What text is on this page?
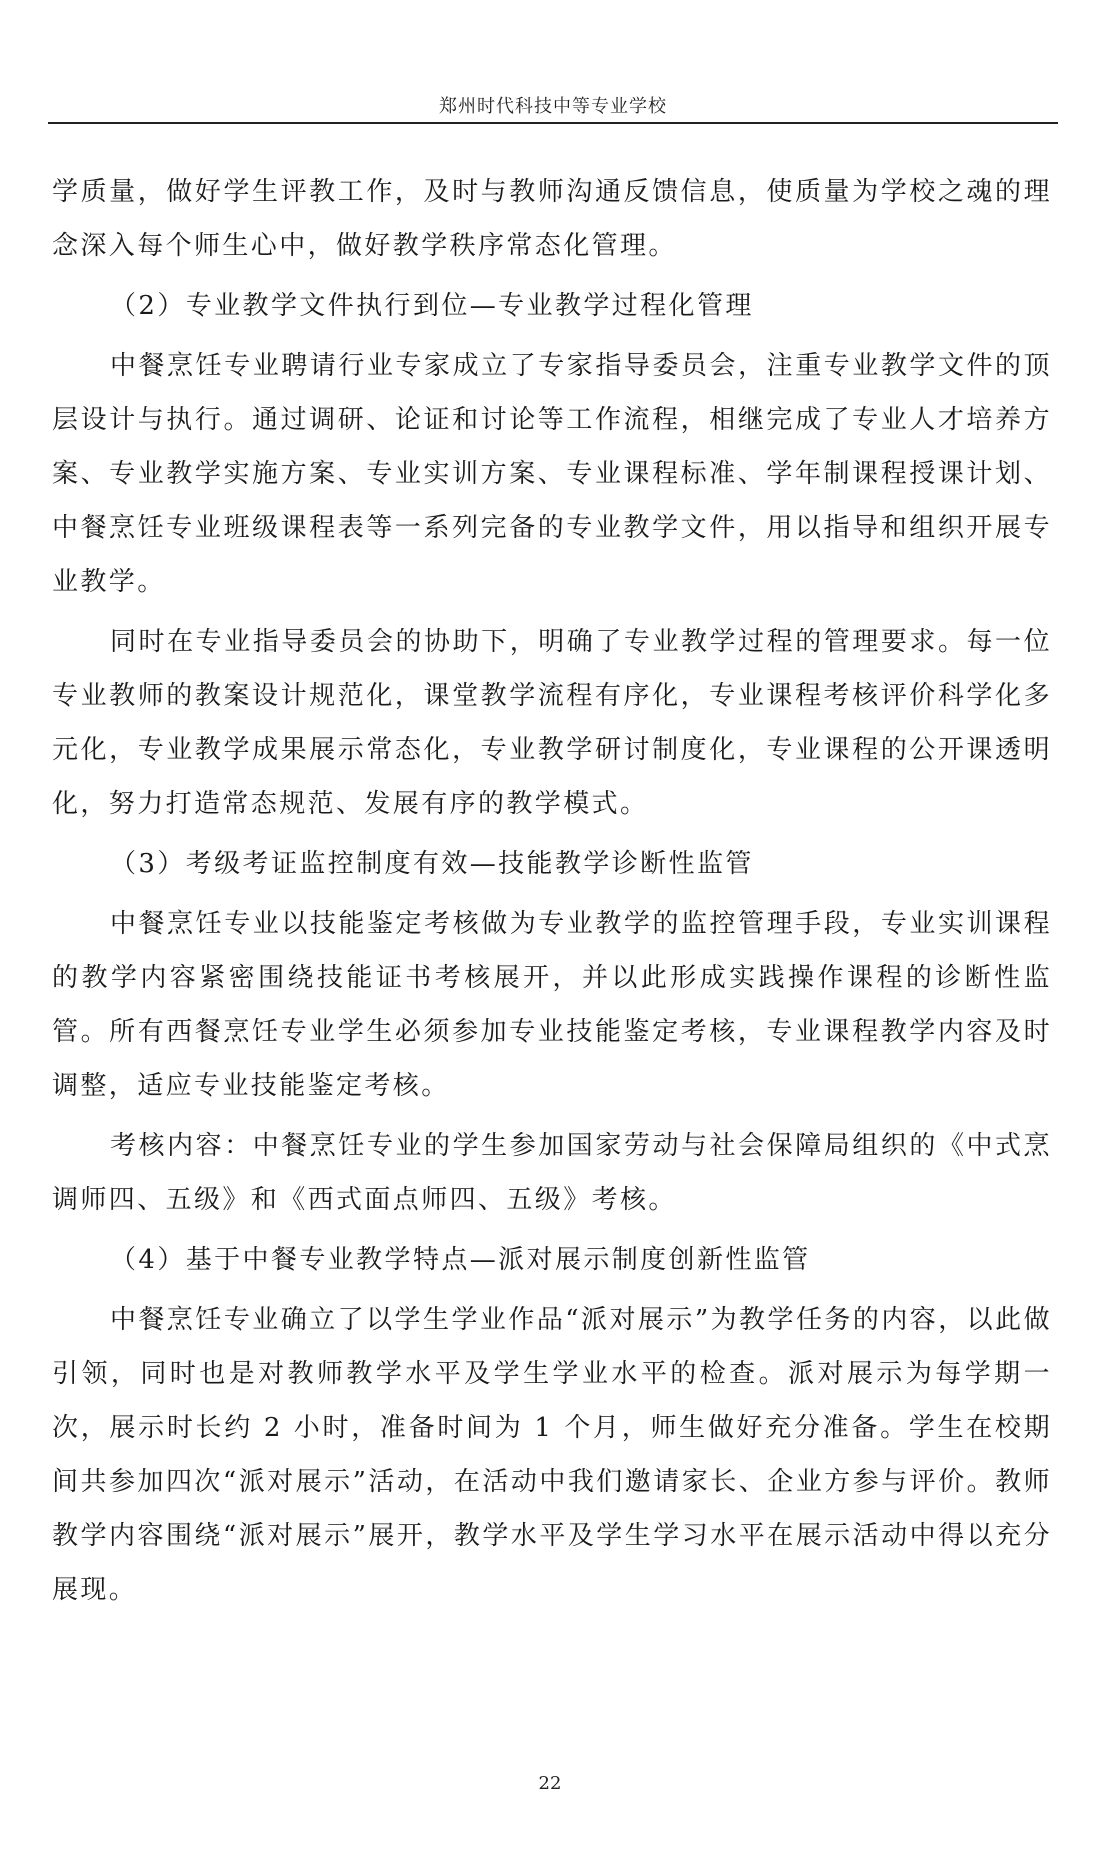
郑州时代科技中等专业学校

学质量，做好学生评教工作，及时与教师沟通反馈信息，使质量为学校之魂的理念深入每个师生心中，做好教学秩序常态化管理。

（2）专业教学文件执行到位—专业教学过程化管理

中餐烹饪专业聘请行业专家成立了专家指导委员会，注重专业教学文件的顶层设计与执行。通过调研、论证和讨论等工作流程，相继完成了专业人才培养方案、专业教学实施方案、专业实训方案、专业课程标准、学年制课程授课计划、中餐烹饪专业班级课程表等一系列完备的专业教学文件，用以指导和组织开展专业教学。

同时在专业指导委员会的协助下，明确了专业教学过程的管理要求。每一位专业教师的教案设计规范化，课堂教学流程有序化，专业课程考核评价科学化多元化，专业教学成果展示常态化，专业教学研讨制度化，专业课程的公开课透明化，努力打造常态规范、发展有序的教学模式。

（3）考级考证监控制度有效—技能教学诊断性监管

中餐烹饪专业以技能鉴定考核做为专业教学的监控管理手段，专业实训课程的教学内容紧密围绕技能证书考核展开，并以此形成实践操作课程的诊断性监管。所有西餐烹饪专业学生必须参加专业技能鉴定考核，专业课程教学内容及时调整，适应专业技能鉴定考核。

考核内容：中餐烹饪专业的学生参加国家劳动与社会保障局组织的《中式烹调师四、五级》和《西式面点师四、五级》考核。

（4）基于中餐专业教学特点—派对展示制度创新性监管

中餐烹饪专业确立了以学生学业作品“派对展示”为教学任务的内容，以此做引领，同时也是对教师教学水平及学生学业水平的检查。派对展示为每学期一次，展示时长约 2 小时，准备时间为 1 个月，师生做好充分准备。学生在校期间共参加四次“派对展示”活动，在活动中我们邀请家长、企业方参与评价。教师教学内容围绕“派对展示”展开，教学水平及学生学习水平在展示活动中得以充分展现。

22
